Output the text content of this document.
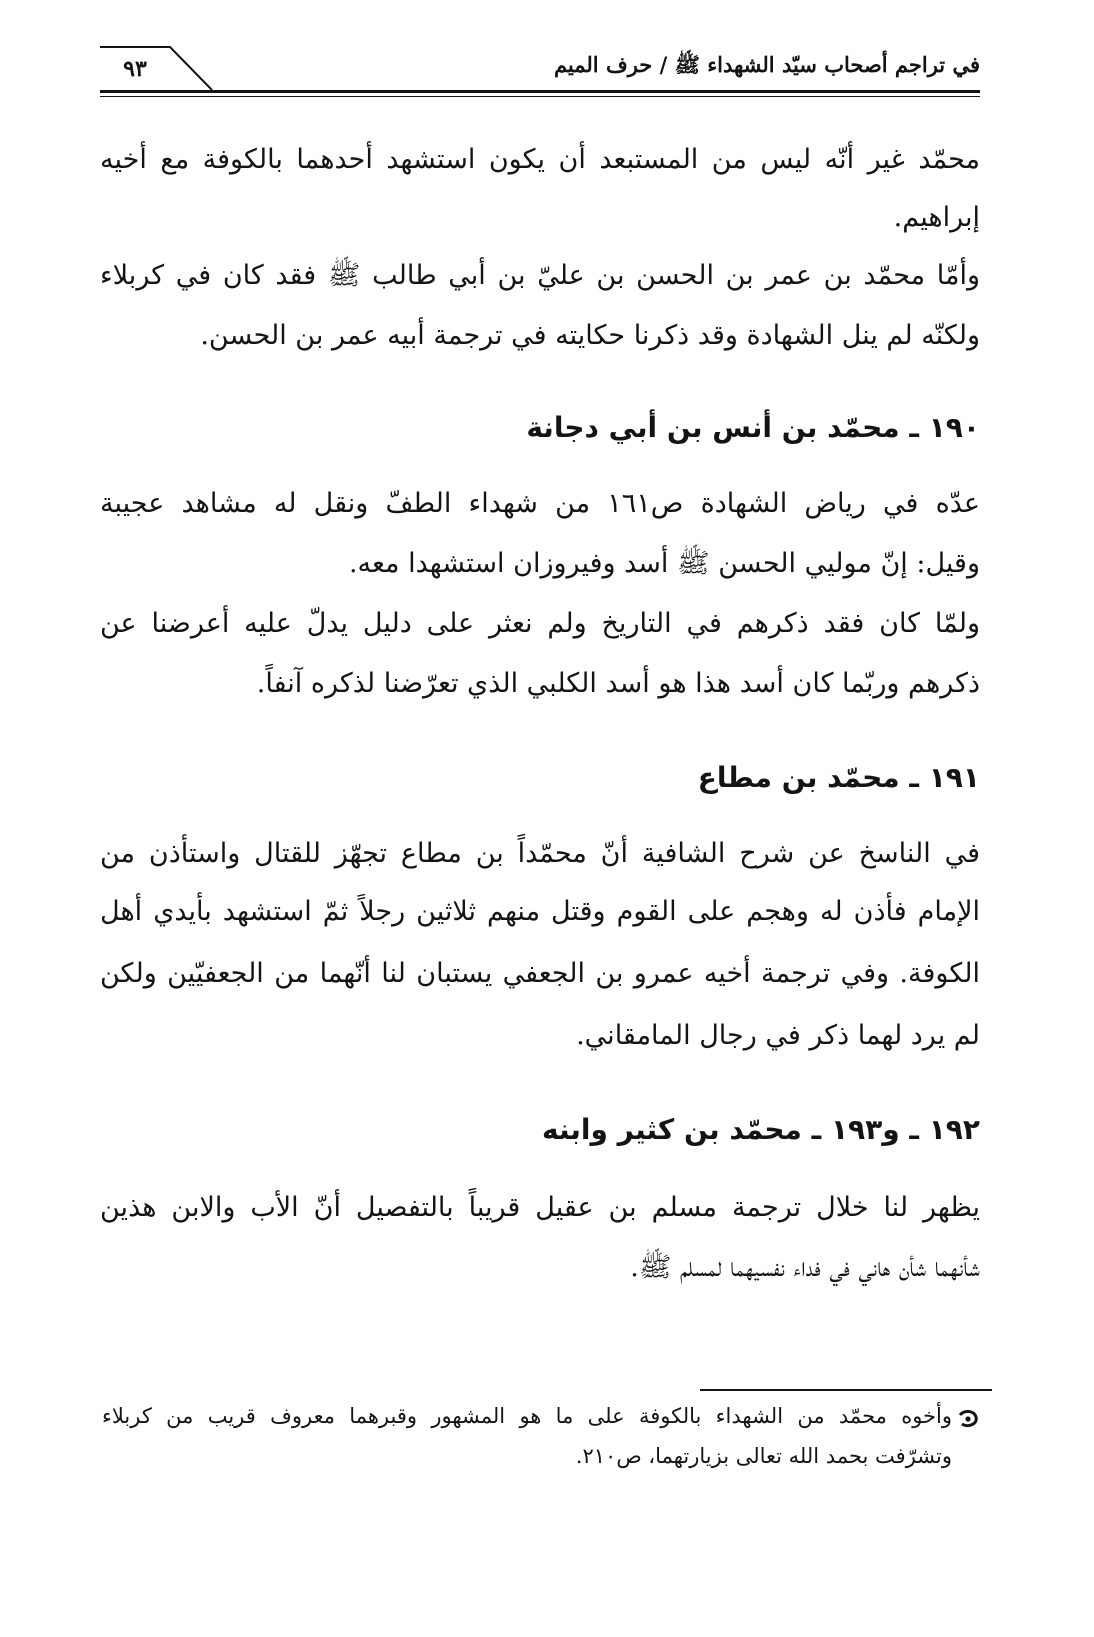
في تراجم أصحاب سيّد الشهداء ﷺ / حرف الميم
٩٣
محمّد غير أنّه ليس من المستبعد أن يكون استشهد أحدهما بالكوفة مع أخيه
إبراهيم.
وأمّا محمّد بن عمر بن الحسن بن عليّ بن أبي طالب ﷺ فقد كان في كربلاء
ولكنّه لم ينل الشهادة وقد ذكرنا حكايته في ترجمة أبيه عمر بن الحسن.
١٩٠ ـ محمّد بن أنس بن أبي دجانة
عدّه في رياض الشهادة ص١٦١ من شهداء الطفّ ونقل له مشاهد عجيبة
وقيل: إنّ موليي الحسن ﷺ أسد وفيروزان استشهدا معه.
ولمّا كان فقد ذكرهم في التاريخ ولم نعثر على دليل يدلّ عليه أعرضنا عن
ذكرهم وربّما كان أسد هذا هو أسد الكلبي الذي تعرّضنا لذكره آنفاً.
١٩١ ـ محمّد بن مطاع
في الناسخ عن شرح الشافية أنّ محمّداً بن مطاع تجهّز للقتال واستأذن من
الإمام فأذن له وهجم على القوم وقتل منهم ثلاثين رجلاً ثمّ استشهد بأيدي أهل
الكوفة. وفي ترجمة أخيه عمرو بن الجعفي يستبان لنا أنّهما من الجعفيّين ولكن
لم يرد لهما ذكر في رجال المامقاني.
١٩٢ ـ و١٩٣ ـ محمّد بن كثير وابنه
يظهر لنا خلال ترجمة مسلم بن عقيل قريباً بالتفصيل أنّ الأب والابن هذين
شأنهما شأن هاني في فداء نفسيهما لمسلم ﷺ.
وأخوه محمّد من الشهداء بالكوفة على ما هو المشهور وقبرهما معروف قريب من كربلاء
وتشرّفت بحمد الله تعالى بزيارتهما، ص٢١٠.
